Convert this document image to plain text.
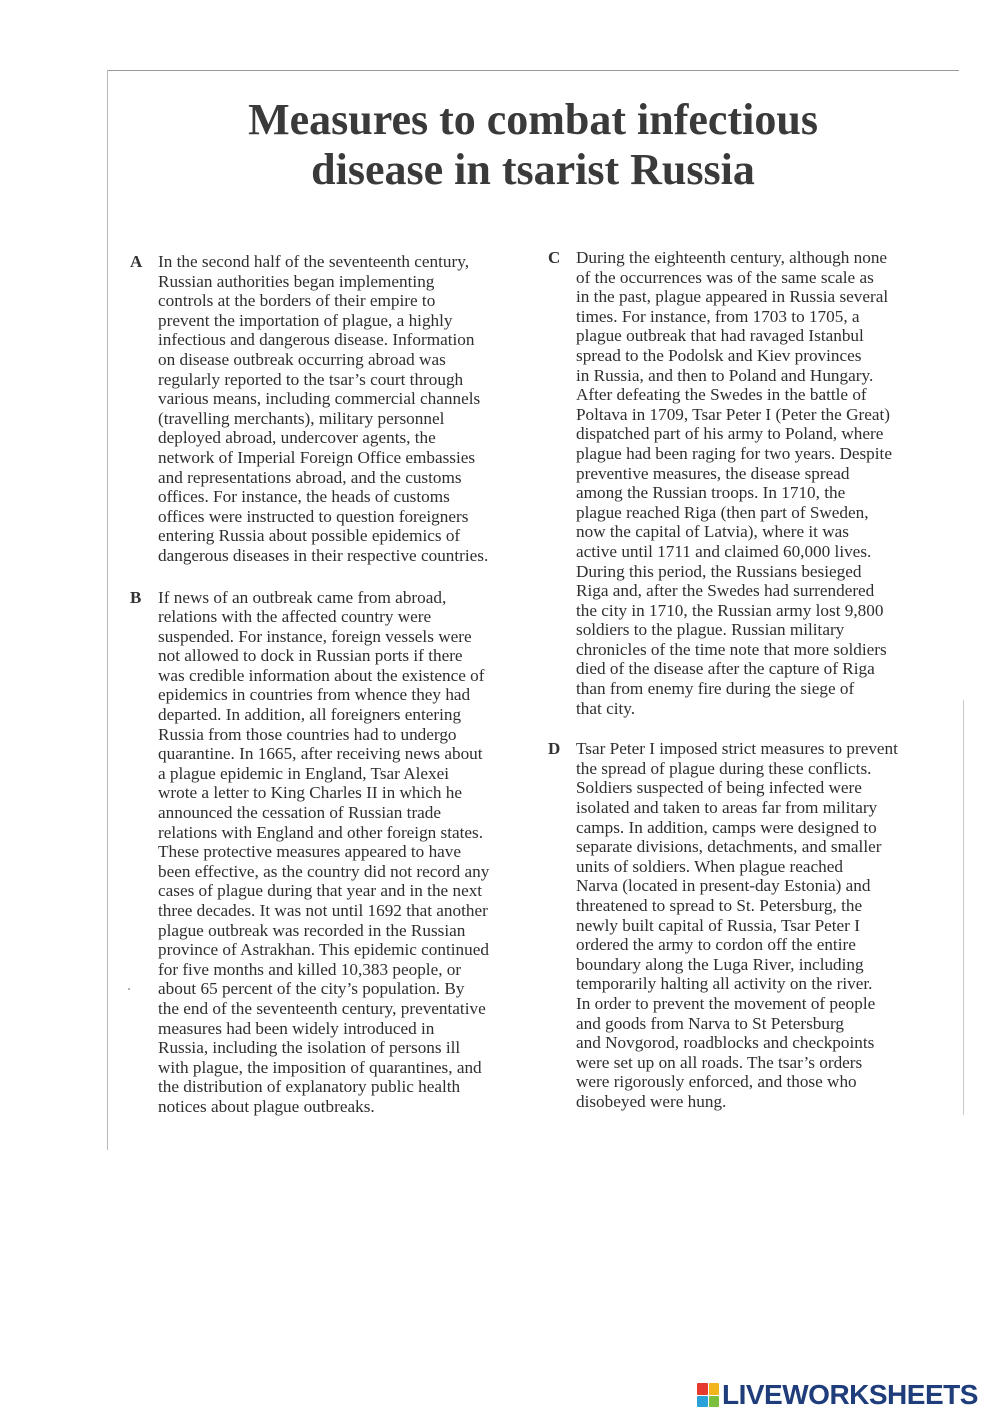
Measures to combat infectious
disease in tsarist Russia
A In the second half of the seventeenth century,
Russian authorities began implementing
controls at the borders of their empire to
prevent the importation of plague, a highly
infectious and dangerous disease. Information
on disease outbreak occurring abroad was
regularly reported to the tsar’s court through
various means, including commercial channels
(travelling merchants), military personnel
deployed abroad, undercover agents, the
network of Imperial Foreign Office embassies
and representations abroad, and the customs
offices. For instance, the heads of customs
offices were instructed to question foreigners
entering Russia about possible epidemics of
dangerous diseases in their respective countries.

B If news of an outbreak came from abroad,
relations with the affected country were
suspended. For instance, foreign vessels were
not allowed to dock in Russian ports if there
was credible information about the existence of
epidemics in countries from whence they had
departed. In addition, all foreigners entering
Russia from those countries had to undergo
quarantine. In 1665, after receiving news about
a plague epidemic in England, Tsar Alexei
wrote a letter to King Charles II in which he
announced the cessation of Russian trade
relations with England and other foreign states.
These protective measures appeared to have
been effective, as the country did not record any
cases of plague during that year and in the next
three decades. It was not until 1692 that another
plague outbreak was recorded in the Russian
province of Astrakhan. This epidemic continued
for five months and killed 10,383 people, or
about 65 percent of the city’s population. By
the end of the seventeenth century, preventative
measures had been widely introduced in
Russia, including the isolation of persons ill
with plague, the imposition of quarantines, and
the distribution of explanatory public health
notices about plague outbreaks.

C During the eighteenth century, although none
of the occurrences was of the same scale as
in the past, plague appeared in Russia several
times. For instance, from 1703 to 1705, a
plague outbreak that had ravaged Istanbul
spread to the Podolsk and Kiev provinces
in Russia, and then to Poland and Hungary.
After defeating the Swedes in the battle of
Poltava in 1709, Tsar Peter I (Peter the Great)
dispatched part of his army to Poland, where
plague had been raging for two years. Despite
preventive measures, the disease spread
among the Russian troops. In 1710, the
plague reached Riga (then part of Sweden,
now the capital of Latvia), where it was
active until 1711 and claimed 60,000 lives.
During this period, the Russians besieged
Riga and, after the Swedes had surrendered
the city in 1710, the Russian army lost 9,800
soldiers to the plague. Russian military
chronicles of the time note that more soldiers
died of the disease after the capture of Riga
than from enemy fire during the siege of
that city.

D Tsar Peter I imposed strict measures to prevent
the spread of plague during these conflicts.
Soldiers suspected of being infected were
isolated and taken to areas far from military
camps. In addition, camps were designed to
separate divisions, detachments, and smaller
units of soldiers. When plague reached
Narva (located in present-day Estonia) and
threatened to spread to St. Petersburg, the
newly built capital of Russia, Tsar Peter I
ordered the army to cordon off the entire
boundary along the Luga River, including
temporarily halting all activity on the river.
In order to prevent the movement of people
and goods from Narva to St Petersburg
and Novgorod, roadblocks and checkpoints
were set up on all roads. The tsar’s orders
were rigorously enforced, and those who
disobeyed were hung.

LIVEWORKSHEETS
